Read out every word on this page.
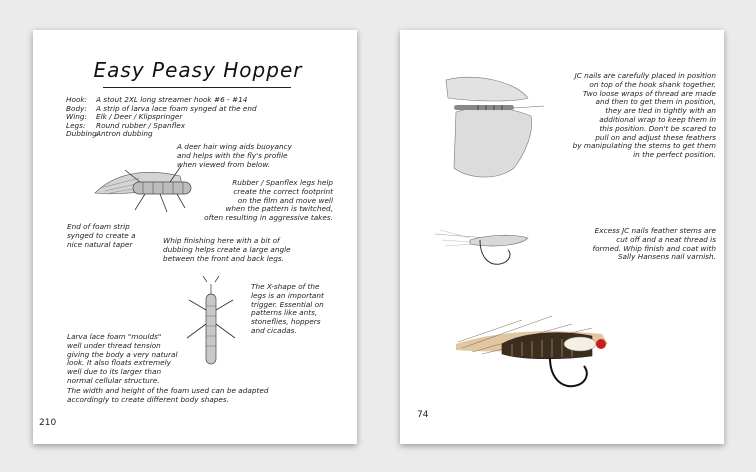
Easy Peasy Hopper
Hook: A stout 2XL long streamer hook #6 - #14
Body: A strip of larva lace foam synged at the end
Wing: Elk / Deer / Klipspringer
Legs: Round rubber / Spanflex
Dubbing:Antron dubbing
A deer hair wing aids buoyancy
and helps with the fly's profile
when viewed from below.
Rubber / Spanflex legs help
create the correct footprint
on the film and move well
when the pattern is twitched,
often resulting in aggressive takes.
End of foam strip
synged to create a
nice natural taper	Whip finishing here with a bit of
dubbing helps create a large angle
between the front and back legs.
The X-shape of the
legs is an important
trigger. Essential on
patterns like ants,
stoneflies, hoppers
and cicadas.
Larva lace foam "moulds"
well under thread tension
giving the body a very natural
look. It also floats extremely
well due to its larger than
normal cellular structure.
The width and height of the foam used can be adapted
accordingly to create different body shapes.
210
JC nails are carefully placed in position
on top of the hook shank together.
Two loose wraps of thread are made
and then to get them in position,
they are tied in tightly with an
additional wrap to keep them in
this position. Don't be scared to
pull on and adjust these feathers
by manipulating the stems to get them
in the perfect position.
Excess JC nails feather stems are
cut off and a neat thread is
formed. Whip finish and coat with
Sally Hansens nail varnish.
74
